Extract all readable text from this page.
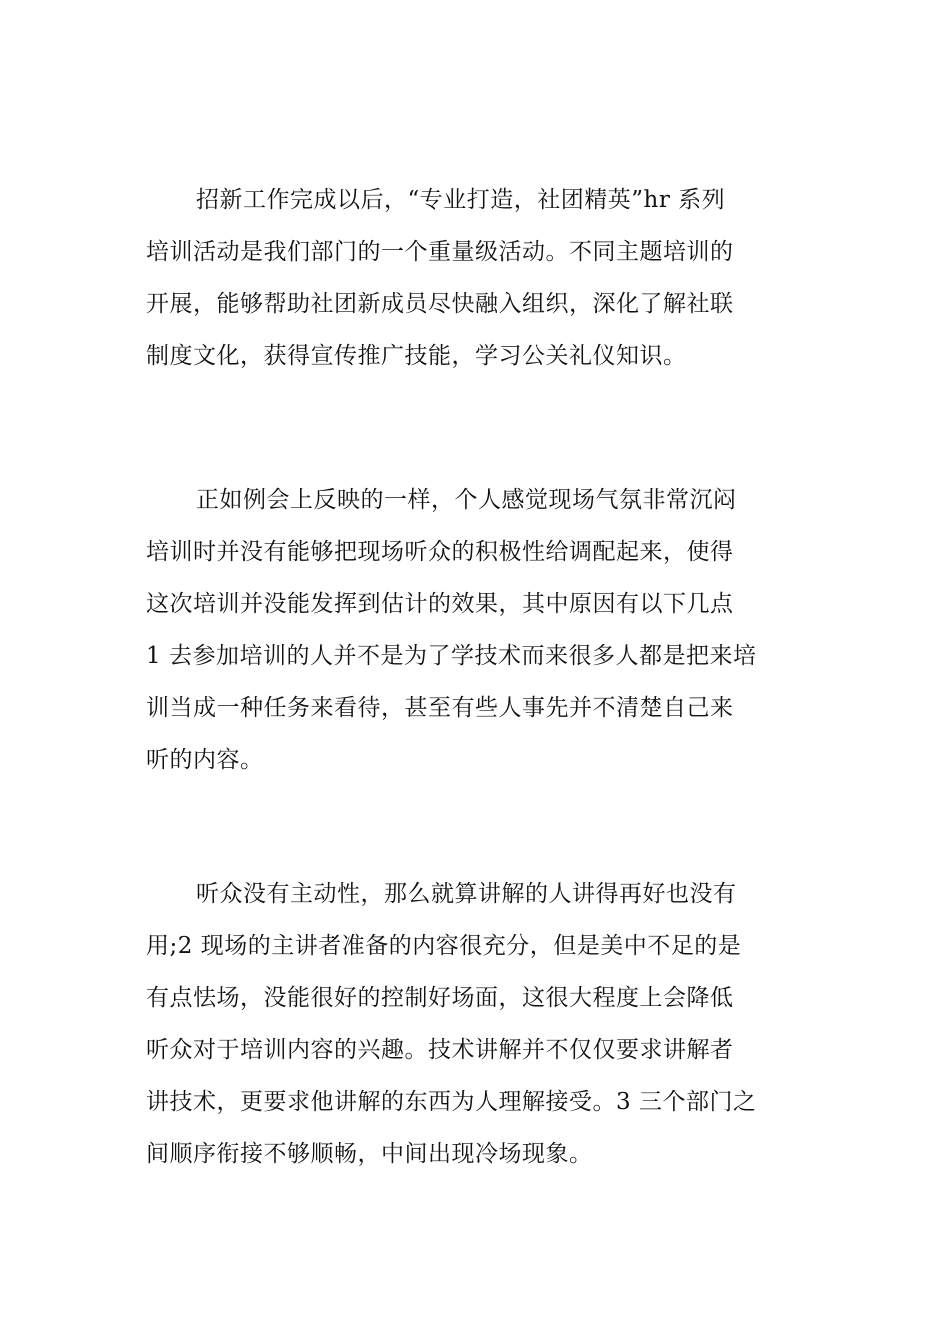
招新工作完成以后，“专业打造，社团精英”hr 系列
培训活动是我们部门的一个重量级活动。不同主题培训的
开展，能够帮助社团新成员尽快融入组织，深化了解社联
制度文化，获得宣传推广技能，学习公关礼仪知识。
正如例会上反映的一样，个人感觉现场气氛非常沉闷
培训时并没有能够把现场听众的积极性给调配起来，使得
这次培训并没能发挥到估计的效果，其中原因有以下几点
1 去参加培训的人并不是为了学技术而来很多人都是把来培
训当成一种任务来看待，甚至有些人事先并不清楚自己来
听的内容。
听众没有主动性，那么就算讲解的人讲得再好也没有
用;2 现场的主讲者准备的内容很充分，但是美中不足的是
有点怯场，没能很好的控制好场面，这很大程度上会降低
听众对于培训内容的兴趣。技术讲解并不仅仅要求讲解者
讲技术，更要求他讲解的东西为人理解接受。3 三个部门之
间顺序衔接不够顺畅，中间出现冷场现象。
